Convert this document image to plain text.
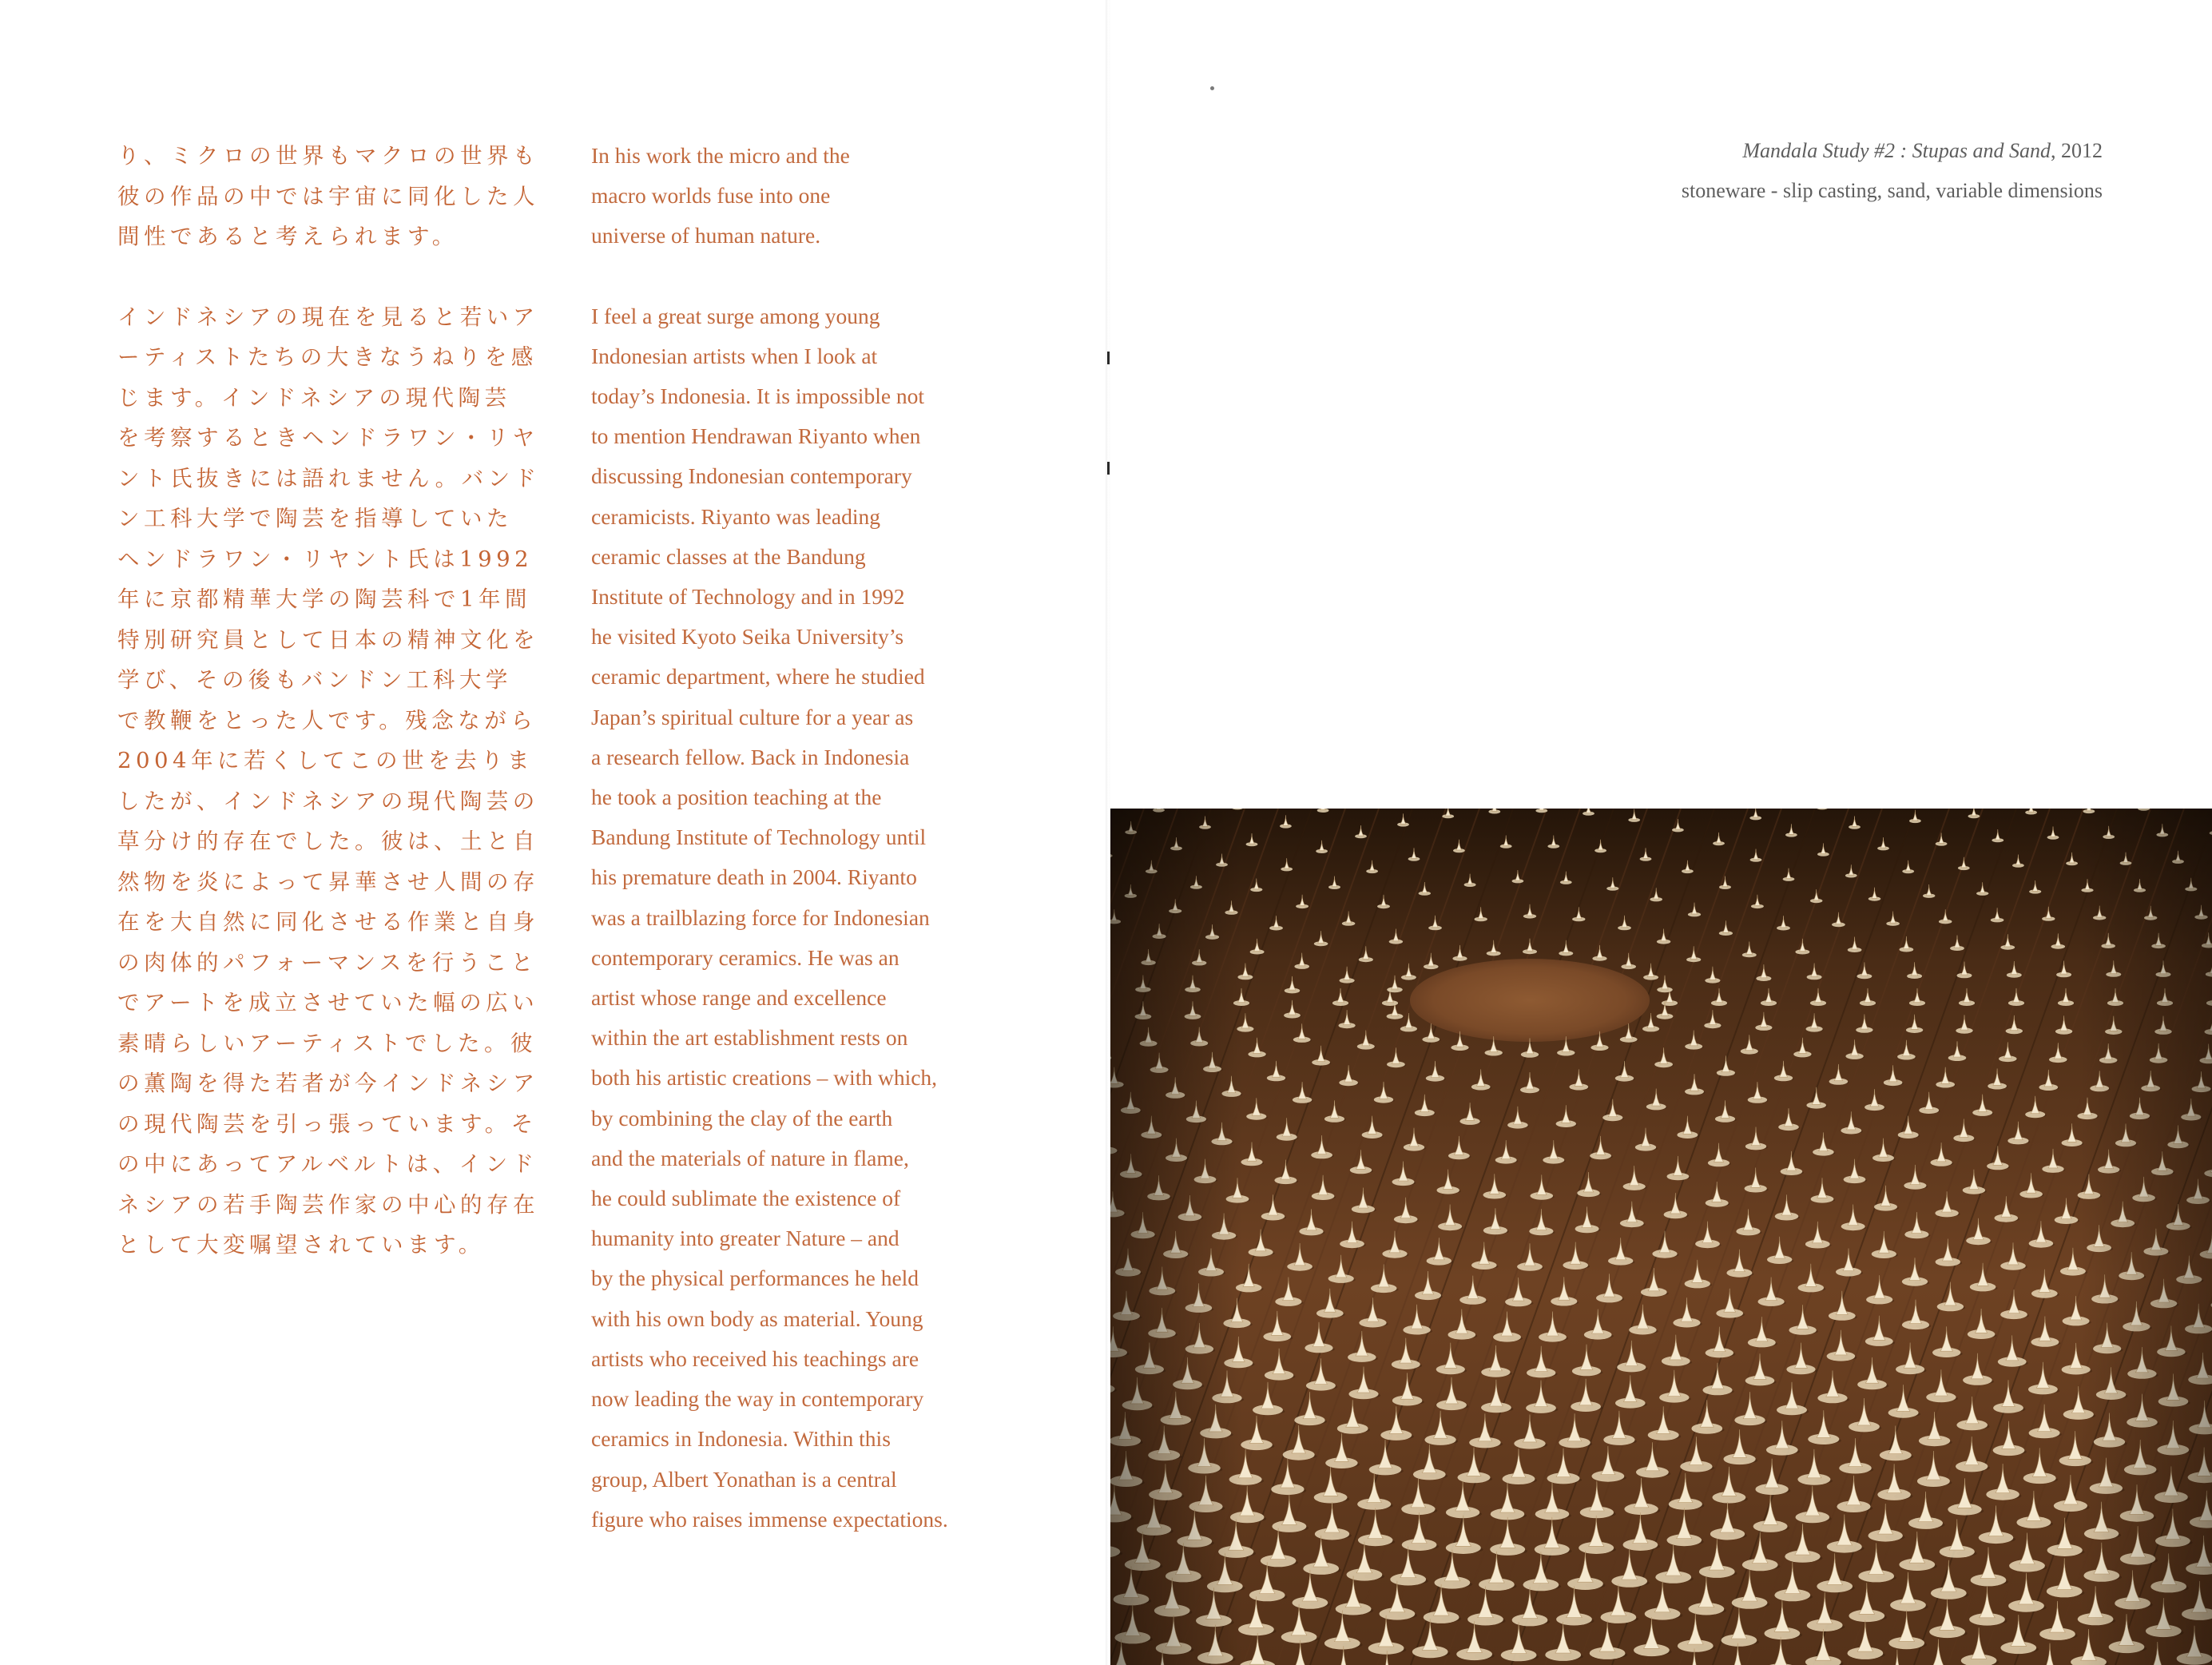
り、ミクロの世界もマクロの世界も
彼の作品の中では宇宙に同化した人
間性であると考えられます。

インドネシアの現在を見ると若いア
ーティストたちの大きなうねりを感
じます。インドネシアの現代陶芸
を考察するときヘンドラワン・リヤ
ント氏抜きには語れません。バンド
ン工科大学で陶芸を指導していた
ヘンドラワン・リヤント氏は1992
年に京都精華大学の陶芸科で1年間
特別研究員として日本の精神文化を
学び、その後もバンドン工科大学
で教鞭をとった人です。残念ながら
2004年に若くしてこの世を去りま
したが、インドネシアの現代陶芸の
草分け的存在でした。彼は、土と自
然物を炎によって昇華させ人間の存
在を大自然に同化させる作業と自身
の肉体的パフォーマンスを行うこと
でアートを成立させていた幅の広い
素晴らしいアーティストでした。彼
の薫陶を得た若者が今インドネシア
の現代陶芸を引っ張っています。そ
の中にあってアルベルトは、インド
ネシアの若手陶芸作家の中心的存在
として大変嘱望されています。

In his work the micro and the
macro worlds fuse into one
universe of human nature.

I feel a great surge among young
Indonesian artists when I look at
today’s Indonesia. It is impossible not
to mention Hendrawan Riyanto when
discussing Indonesian contemporary
ceramicists. Riyanto was leading
ceramic classes at the Bandung
Institute of Technology and in 1992
he visited Kyoto Seika University’s
ceramic department, where he studied
Japan’s spiritual culture for a year as
a research fellow. Back in Indonesia
he took a position teaching at the
Bandung Institute of Technology until
his premature death in 2004. Riyanto
was a trailblazing force for Indonesian
contemporary ceramics. He was an
artist whose range and excellence
within the art establishment rests on
both his artistic creations – with which,
by combining the clay of the earth
and the materials of nature in flame,
he could sublimate the existence of
humanity into greater Nature – and
by the physical performances he held
with his own body as material. Young
artists who received his teachings are
now leading the way in contemporary
ceramics in Indonesia. Within this
group, Albert Yonathan is a central
figure who raises immense expectations.

Mandala Study #2 : Stupas and Sand, 2012
stoneware - slip casting, sand, variable dimensions
